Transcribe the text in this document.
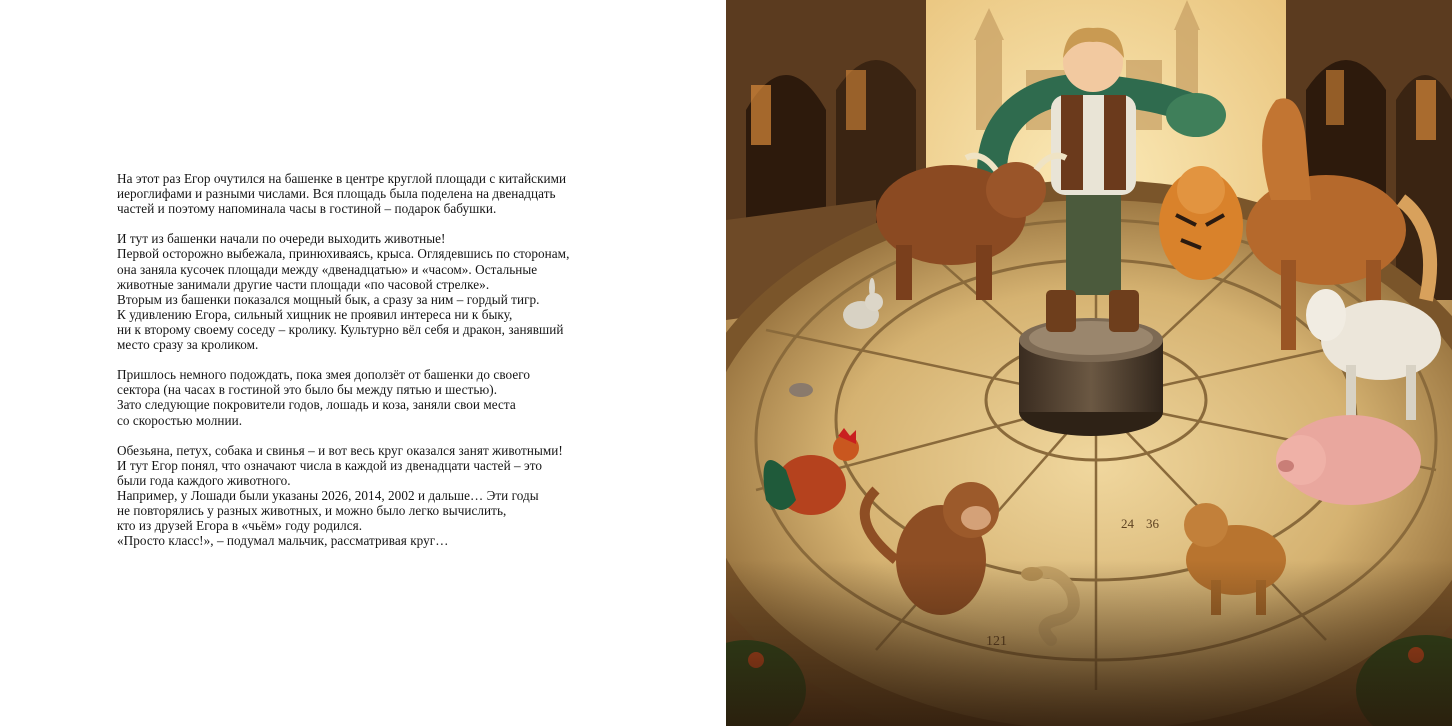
На этот раз Егор очутился на башенке в центре круглой площади с китайскими
иероглифами и разными числами. Вся площадь была поделена на двенадцать
частей и поэтому напоминала часы в гостиной – подарок бабушки.

И тут из башенки начали по очереди выходить животные!
Первой осторожно выбежала, принюхиваясь, крыса. Оглядевшись по сторонам,
она заняла кусочек площади между «двенадцатью» и «часом». Остальные
животные занимали другие части площади «по часовой стрелке».
Вторым из башенки показался мощный бык, а сразу за ним – гордый тигр.
К удивлению Егора, сильный хищник не проявил интереса ни к быку,
ни к второму своему соседу – кролику. Культурно вёл себя и дракон, занявший
место сразу за кроликом.

Пришлось немного подождать, пока змея доползёт от башенки до своего
сектора (на часах в гостиной это было бы между пятью и шестью).
Зато следующие покровители годов, лошадь и коза, заняли свои места
со скоростью молнии.

Обезьяна, петух, собака и свинья – и вот весь круг оказался занят животными!
И тут Егор понял, что означают числа в каждой из двенадцати частей – это
были года каждого животного.
Например, у Лошади были указаны 2026, 2014, 2002 и дальше… Эти годы
не повторялись у разных животных, и можно было легко вычислить,
кто из друзей Егора в «чьём» году родился.
«Просто класс!», – подумал мальчик, рассматривая круг…

24 36
